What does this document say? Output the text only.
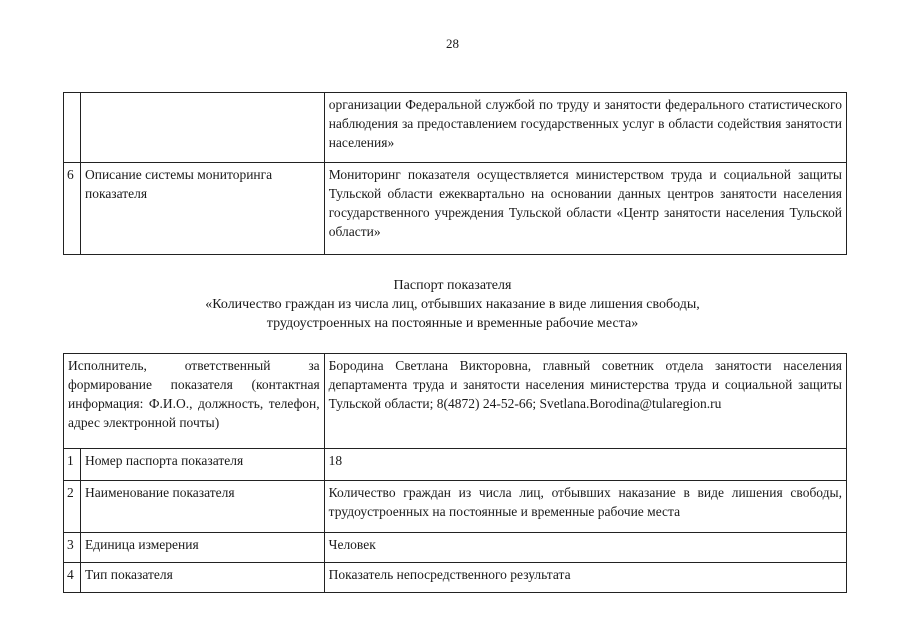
28
		организации Федеральной службой по труду и занятости федерального статистического наблюдения за предоставлением государственных услуг в области содействия занятости населения»
6	Описание системы мониторинга показателя	Мониторинг показателя осуществляется министерством труда и социальной защиты Тульской области ежеквартально на основании данных центров занятости населения государственного учреждения Тульской области «Центр занятости населения Тульской области»
Паспорт показателя
«Количество граждан из числа лиц, отбывших наказание в виде лишения свободы,
трудоустроенных на постоянные и временные рабочие места»
Исполнитель, ответственный за формирование показателя (контактная информация: Ф.И.О., должность, телефон, адрес электронной почты)		Бородина Светлана Викторовна, главный советник отдела занятости населения департамента труда и занятости населения министерства труда и социальной защиты Тульской области; 8(4872) 24-52-66; Svetlana.Borodina@tularegion.ru
1	Номер паспорта показателя	18
2	Наименование показателя	Количество граждан из числа лиц, отбывших наказание в виде лишения свободы, трудоустроенных на постоянные и временные рабочие места
3	Единица измерения	Человек
4	Тип показателя	Показатель непосредственного результата
